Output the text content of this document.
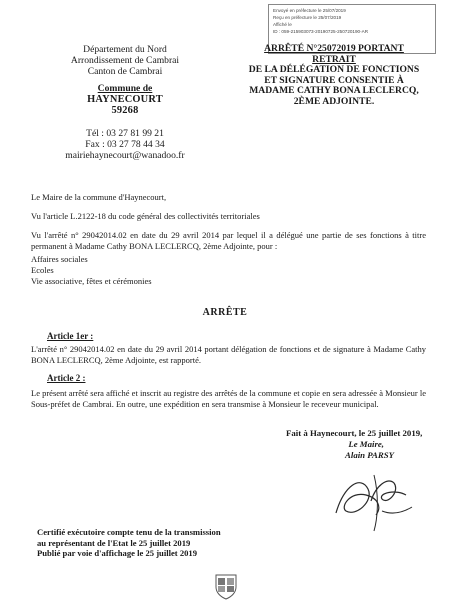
Envoyé en préfecture le 25/07/2019
Reçu en préfecture le 25/07/2019
Affiché le
ID : 059-215903073-20190725-250720190-AR
Département du Nord
Arrondissement de Cambrai
Canton de Cambrai
Commune de
HAYNECOURT
59268
Tél : 03 27 81 99 21
Fax : 03 27 78 44 34
mairiehaynecourt@wanadoo.fr
ARRÊTÉ N°25072019 PORTANT RETRAIT
DE LA DÉLÉGATION DE FONCTIONS
ET SIGNATURE CONSENTIE À
MADAME CATHY BONA LECLERCQ,
2ÈME ADJOINTE.
Le Maire de la commune d'Haynecourt,
Vu l'article L.2122-18 du code général des collectivités territoriales
Vu l'arrêté n° 29042014.02 en date du 29 avril 2014 par lequel il a délégué une partie de ses fonctions à titre permanent à Madame Cathy BONA LECLERCQ, 2ème Adjointe, pour :
Affaires sociales
Ecoles
Vie associative, fêtes et cérémonies
ARRÊTE
Article 1er :
L'arrêté n° 29042014.02 en date du 29 avril 2014 portant délégation de fonctions et de signature à Madame Cathy BONA LECLERCQ, 2ème Adjointe, est rapporté.
Article 2 :
Le présent arrêté sera affiché et inscrit au registre des arrêtés de la commune et copie en sera adressée à Monsieur le Sous-préfet de Cambrai. En outre, une expédition en sera transmise à Monsieur le receveur municipal.
Fait à Haynecourt, le 25 juillet 2019,
Le Maire,
Alain PARSY
Certifié exécutoire compte tenu de la transmission
au représentant de l'Etat le 25 juillet 2019
Publié par voie d'affichage le 25 juillet 2019
